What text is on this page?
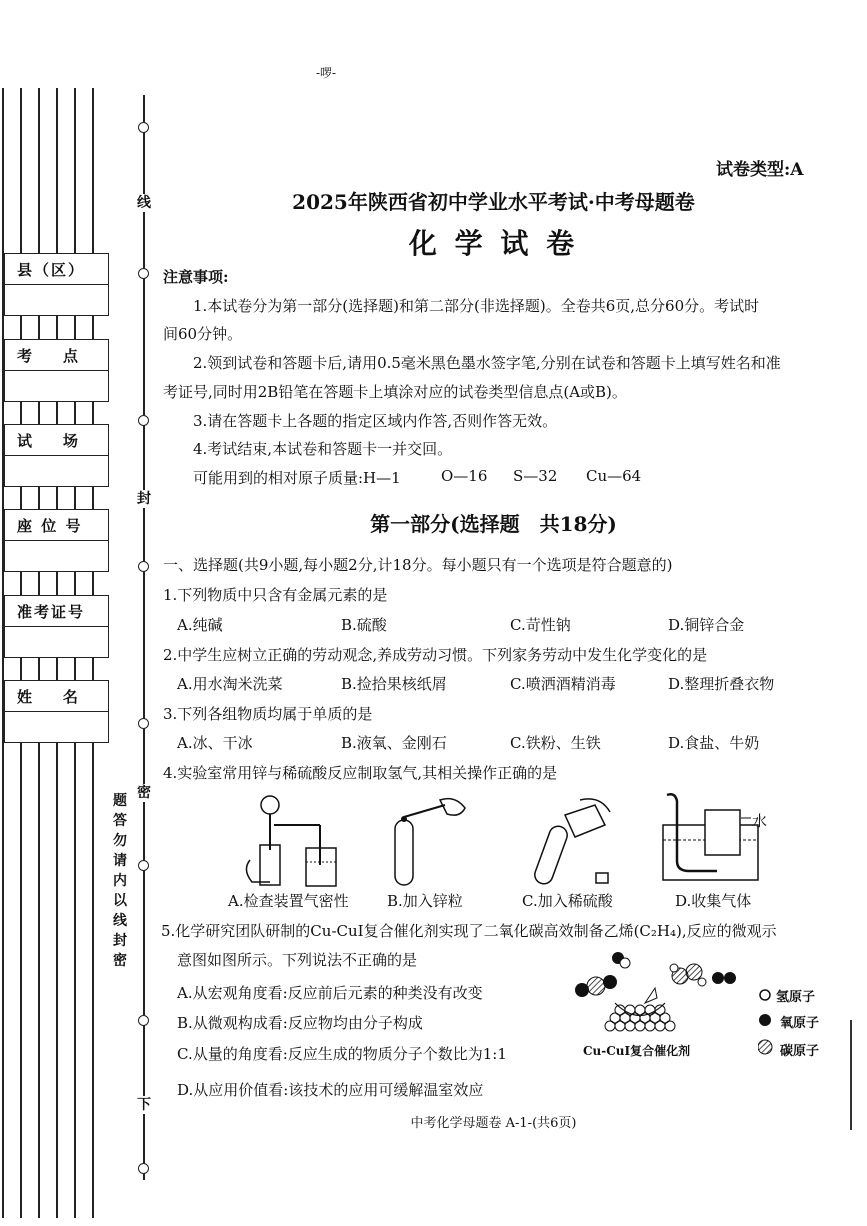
-啰-
线
封
密
下
题
答
勿
请
内
以
线
封
密
县（区）
考    点
试    场
座 位 号
准考证号
姓    名
试卷类型:A
2025年陕西省初中学业水平考试·中考母题卷
化 学 试 卷
注意事项:
1.本试卷分为第一部分(选择题)和第二部分(非选择题)。全卷共6页,总分60分。考试时
间60分钟。
2.领到试卷和答题卡后,请用0.5毫米黑色墨水签字笔,分别在试卷和答题卡上填写姓名和准
考证号,同时用2B铅笔在答题卡上填涂对应的试卷类型信息点(A或B)。
3.请在答题卡上各题的指定区域内作答,否则作答无效。
4.考试结束,本试卷和答题卡一并交回。
可能用到的相对原子质量:H—1	O—16 S—32 Cu—64
第一部分(选择题　共18分)
一、选择题(共9小题,每小题2分,计18分。每小题只有一个选项是符合题意的)
1.下列物质中只含有金属元素的是
A.纯碱	B.硫酸	C.苛性钠	D.铜锌合金
2.中学生应树立正确的劳动观念,养成劳动习惯。下列家务劳动中发生化学变化的是
A.用水淘米洗菜	B.捡拾果核纸屑	C.喷洒酒精消毒	D.整理折叠衣物
3.下列各组物质均属于单质的是
A.冰、干冰	B.液氧、金刚石	C.铁粉、生铁	D.食盐、牛奶
4.实验室常用锌与稀硫酸反应制取氢气,其相关操作正确的是
水
A.检查装置气密性	B.加入锌粒	C.加入稀硫酸	D.收集气体
5.化学研究团队研制的Cu-CuI复合催化剂实现了二氧化碳高效制备乙烯(C₂H₄),反应的微观示
意图如图所示。下列说法不正确的是
A.从宏观角度看:反应前后元素的种类没有改变
B.从微观构成看:反应物均由分子构成
C.从量的角度看:反应生成的物质分子个数比为1:1
D.从应用价值看:该技术的应用可缓解温室效应
Cu-CuI复合催化剂
氢原子
氧原子
碳原子
中考化学母题卷 A-1-(共6页)
